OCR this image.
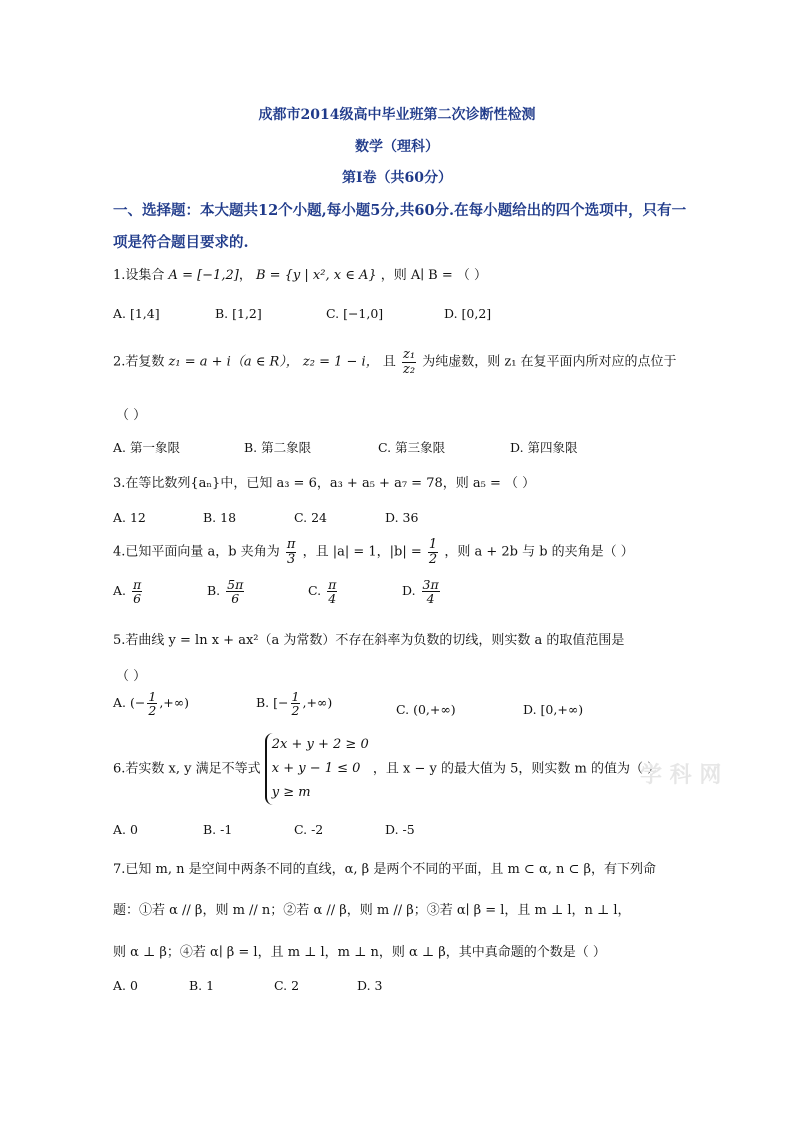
成都市2014级高中毕业班第二次诊断性检测
数学（理科）
第Ⅰ卷（共60分）
一、选择题：本大题共12个小题,每小题5分,共60分.在每小题给出的四个选项中，只有一
项是符合题目要求的.
1.设集合 A = [−1,2]， B = {y | x², x ∈ A} ，则 A∣ B = （ ）
A. [1,4]	B. [1,2]	C. [−1,0]	D. [0,2]
2.若复数 z₁ = a + i（a ∈ R）， z₂ = 1 − i， 且 $\frac{\text{z₁}}{\text{z₂}}$ 为纯虚数，则 z₁ 在复平面内所对应的点位于
（ ）
A. 第一象限	B. 第二象限	C. 第三象限	D. 第四象限
3.在等比数列{aₙ}中，已知 a₃ = 6，a₃ + a₅ + a₇ = 78，则 a₅ = （ ）
A. 12	B. 18	C. 24	D. 36
4.已知平面向量 a，b 夹角为 $\frac{\pi}{3}$ ，且 |a| = 1，$|b| = \frac{1}{2}$ ，则 a + 2b 与 b 的夹角是（ ）
A. $\frac{\pi}{6}$	B. $\frac{5\pi}{6}$	C. $\frac{\pi}{4}$	D. $\frac{3\pi}{4}$
5.若曲线 y = ln x + ax²（a 为常数）不存在斜率为负数的切线，则实数 a 的取值范围是
（ ）
A. (− $\frac{1}{2}$ ,+∞)	B. [− $\frac{1}{2}$ ,+∞)	C. (0,+∞)	D. [0,+∞)
6.若实数 x, y 满足不等式
2x + y + 2 ≥ 0
x + y − 1 ≤ 0
y ≥ m
，且 x − y 的最大值为 5，则实数 m 的值为（ ）
学 科 网
A. 0	B. -1	C. -2	D. -5
7.已知 m, n 是空间中两条不同的直线，α, β 是两个不同的平面，且 m ⊂ α, n ⊂ β，有下列命
题：①若 α // β，则 m // n；②若 α // β，则 m // β；③若 α∣ β = l，且 m ⊥ l，n ⊥ l，
则 α ⊥ β；④若 α∣ β = l，且 m ⊥ l，m ⊥ n，则 α ⊥ β，其中真命题的个数是（ ）
A. 0	B. 1	C. 2	D. 3
